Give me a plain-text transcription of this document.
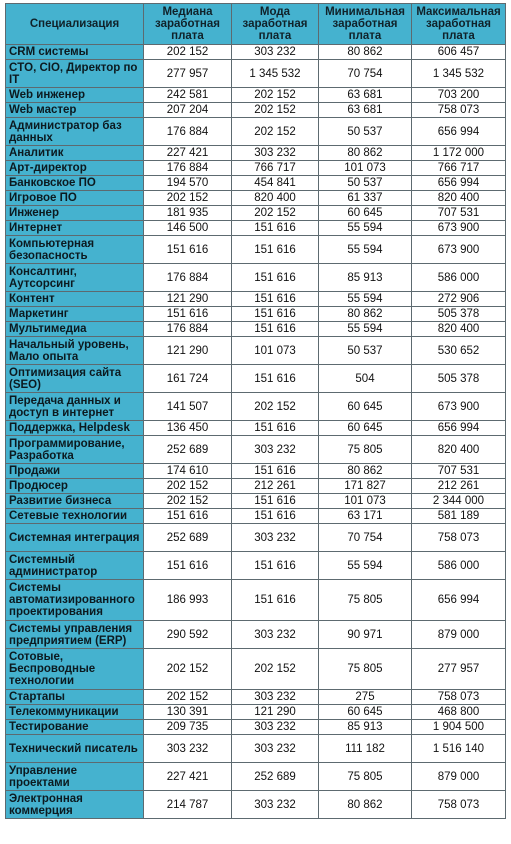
Специализация	Медиана заработная плата	Мода заработная плата	Минимальная заработная плата	Максимальная заработная плата
CRM системы	202 152	303 232	80 862	606 457
CTO, CIO, Директор по IT	277 957	1 345 532	70 754	1 345 532
Web инженер	242 581	202 152	63 681	703 200
Web мастер	207 204	202 152	63 681	758 073
Администратор баз данных	176 884	202 152	50 537	656 994
Аналитик	227 421	303 232	80 862	1 172 000
Арт-директор	176 884	766 717	101 073	766 717
Банковское ПО	194 570	454 841	50 537	656 994
Игровое ПО	202 152	820 400	61 337	820 400
Инженер	181 935	202 152	60 645	707 531
Интернет	146 500	151 616	55 594	673 900
Компьютерная безопасность	151 616	151 616	55 594	673 900
Консалтинг, Аутсорсинг	176 884	151 616	85 913	586 000
Контент	121 290	151 616	55 594	272 906
Маркетинг	151 616	151 616	80 862	505 378
Мультимедиа	176 884	151 616	55 594	820 400
Начальный уровень, Мало опыта	121 290	101 073	50 537	530 652
Оптимизация сайта (SEO)	161 724	151 616	504	505 378
Передача данных и доступ в интернет	141 507	202 152	60 645	673 900
Поддержка, Helpdesk	136 450	151 616	60 645	656 994
Программирование, Разработка	252 689	303 232	75 805	820 400
Продажи	174 610	151 616	80 862	707 531
Продюсер	202 152	212 261	171 827	212 261
Развитие бизнеса	202 152	151 616	101 073	2 344 000
Сетевые технологии	151 616	151 616	63 171	581 189
Системная интеграция	252 689	303 232	70 754	758 073
Системный администратор	151 616	151 616	55 594	586 000
Системы автоматизированного проектирования	186 993	151 616	75 805	656 994
Системы управления предприятием (ERP)	290 592	303 232	90 971	879 000
Сотовые, Беспроводные технологии	202 152	202 152	75 805	277 957
Стартапы	202 152	303 232	275	758 073
Телекоммуникации	130 391	121 290	60 645	468 800
Тестирование	209 735	303 232	85 913	1 904 500
Технический писатель	303 232	303 232	111 182	1 516 140
Управление проектами	227 421	252 689	75 805	879 000
Электронная коммерция	214 787	303 232	80 862	758 073
